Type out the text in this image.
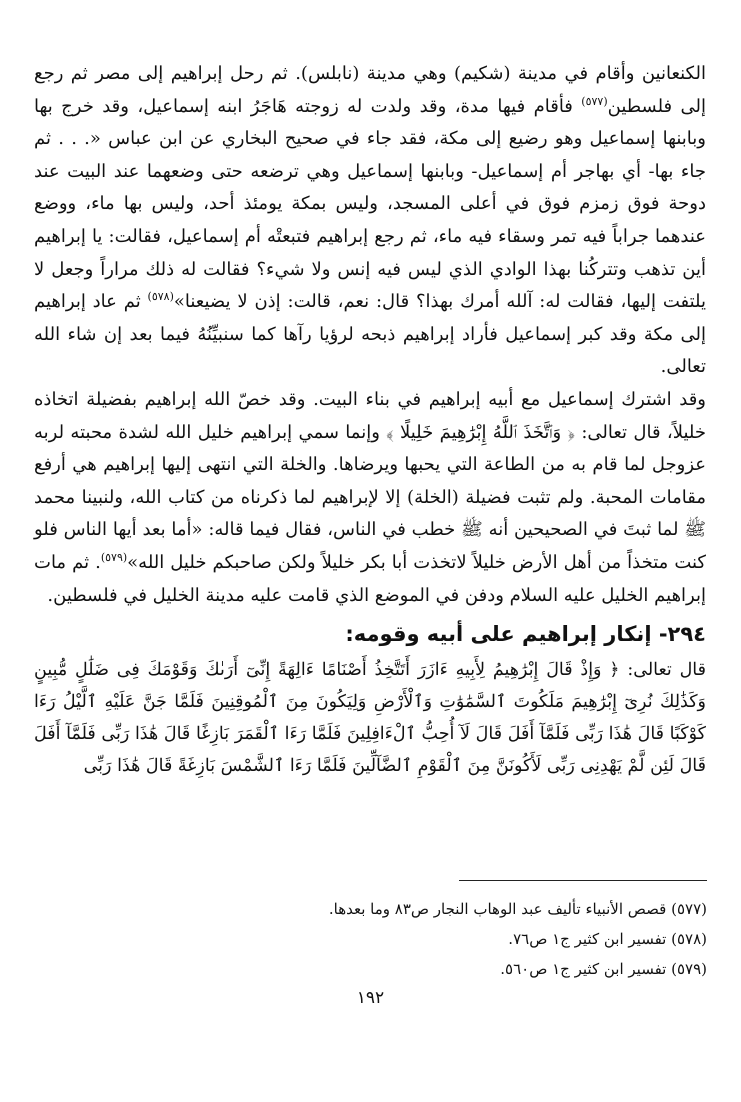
الكنعانين وأقام في مدينة (شكيم) وهي مدينة (نابلس). ثم رحل إبراهيم إلى مصر ثم رجع إلى فلسطين$^{(٥٧٧)}$ فأقام فيها مدة، وقد ولدت له زوجته هَاجَرُ ابنه إسماعيل، وقد خرج بها وبابنها إسماعيل وهو رضيع إلى مكة، فقد جاء في صحيح البخاري عن ابن عباس «. . . ثم جاء بها- أي بهاجر أم إسماعيل- وبابنها إسماعيل وهي ترضعه حتى وضعهما عند البيت عند دوحة فوق زمزم فوق في أعلى المسجد، وليس بمكة يومئذ أحد، وليس بها ماء، ووضع عندهما جراباً فيه تمر وسقاء فيه ماء، ثم رجع إبراهيم فتبعتْه أم إسماعيل، فقالت: يا إبراهيم أين تذهب وتتركُنا بهذا الوادي الذي ليس فيه إنس ولا شيء؟ فقالت له ذلك مراراً وجعل لا يلتفت إليها، فقالت له: آلله أمرك بهذا؟ قال: نعم، قالت: إذن لا يضيعنا»$^{(٥٧٨)}$ ثم عاد إبراهيم إلى مكة وقد كبر إسماعيل فأراد إبراهيم ذبحه لرؤيا رآها كما سنبيِّنُهُ فيما بعد إن شاء الله تعالى.

وقد اشترك إسماعيل مع أبيه إبراهيم في بناء البيت. وقد خصّ الله إبراهيم بفضيلة اتخاذه خليلاً، قال تعالى: ﴿ وَٱتَّخَذَ ٱللَّهُ إِبْرَٰهِيمَ خَلِيلًا ﴾ وإنما سمي إبراهيم خليل الله لشدة محبته لربه عزوجل لما قام به من الطاعة التي يحبها ويرضاها. والخلة التي انتهى إليها إبراهيم هي أرفع مقامات المحبة. ولم تثبت فضيلة (الخلة) إلا لإبراهيم لما ذكرناه من كتاب الله، ولنبينا محمد ﷺ لما ثبتَ في الصحيحين أنه ﷺ خطب في الناس، فقال فيما قاله: «أما بعد أيها الناس فلو كنت متخذاً من أهل الأرض خليلاً لاتخذت أبا بكر خليلاً ولكن صاحبكم خليل الله»$^{(٥٧٩)}$. ثم مات إبراهيم الخليل عليه السلام ودفن في الموضع الذي قامت عليه مدينة الخليل في فلسطين.

٢٩٤- إنكار إبراهيم على أبيه وقومه:

قال تعالى: ﴿ وَإِذْ قَالَ إِبْرَٰهِيمُ لِأَبِيهِ ءَازَرَ أَتَتَّخِذُ أَصْنَامًا ءَالِهَةً إِنِّىٓ أَرَىٰكَ وَقَوْمَكَ فِى ضَلَٰلٍ مُّبِينٍ وَكَذَٰلِكَ نُرِىٓ إِبْرَٰهِيمَ مَلَكُوتَ ٱلسَّمَٰوَٰتِ وَٱلْأَرْضِ وَلِيَكُونَ مِنَ ٱلْمُوقِنِينَ فَلَمَّا جَنَّ عَلَيْهِ ٱلَّيْلُ رَءَا كَوْكَبًا قَالَ هَٰذَا رَبِّى فَلَمَّآ أَفَلَ قَالَ لَآ أُحِبُّ ٱلْءَافِلِينَ فَلَمَّا رَءَا ٱلْقَمَرَ بَازِغًا قَالَ هَٰذَا رَبِّى فَلَمَّآ أَفَلَ قَالَ لَئِن لَّمْ يَهْدِنِى رَبِّى لَأَكُونَنَّ مِنَ ٱلْقَوْمِ ٱلضَّآلِّينَ فَلَمَّا رَءَا ٱلشَّمْسَ بَازِغَةً قَالَ هَٰذَا رَبِّى

(٥٧٧) قصص الأنبياء تأليف عبد الوهاب النجار ص٨٣ وما بعدها.

(٥٧٨) تفسير ابن كثير ج١ ص٧٦.

(٥٧٩) تفسير ابن كثير ج١ ص٥٦٠.

١٩٢
